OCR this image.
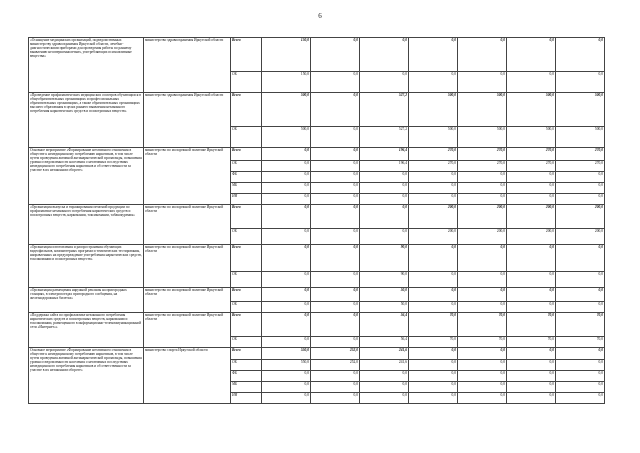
6
«Оснащение медицинских организаций, подведомственных министерству здравоохранения Иркутской области, лечебно-диагностическими приборами для проведения работы по раннему выявлению несовершеннолетних, употребляющих психоактивные вещества»	министерство здравоохранения Иркутской области	Всего	150,0	0,0	0,0	0,0	0,0	0,0	0,0
		ОБ	150,0	0,0	0,0	0,0	0,0	0,0	0,0
«Проведение профилактических медицинских осмотров обучающихся в общеобразовательных организациях и профессиональных образовательных организациях, а также образовательных организациях высшего образования в целях раннего выявления незаконного потребления наркотических средств и психотропных веществ»	министерство здравоохранения Иркутской области	Всего	500,0	0,0	527,2	500,0	500,0	500,0	500,0
		ОБ	500,0	0,0	527,2	500,0	500,0	500,0	500,0
Основное мероприятие «Формирование негативного отношения в обществе к немедицинскому потреблению наркотиков, в том числе путем проведения активной антинаркотической пропаганды, повышения уровня осведомленности населения о негативных последствиях немедицинского потребления наркотиков и об ответственности за участие в их незаконном обороте»	министерство по молодежной политике Иркутской области	Всего	0,0	0,0	196,4	270,0	270,0	270,0	270,0
		ОБ	0,0	0,0	196,4	270,0	270,0	270,0	270,0
		ФБ	0,0	0,0	0,0	0,0	0,0	0,0	0,0
		МБ	0,0	0,0	0,0	0,0	0,0	0,0	0,0
		ИИ	0,0	0,0	0,0	0,0	0,0	0,0	0,0
«Организация выпуска и тиражирования печатной продукции по профилактике незаконного потребления наркотических средств и психотропных веществ, наркомании, токсикомании, табакокурения»	министерство по молодежной политике Иркутской области	Всего	0,0	0,0	0,0	200,0	200,0	200,0	200,0
		ОБ	0,0	0,0	0,0	200,0	200,0	200,0	200,0
«Организация изготовления и распространения обучающих видеофильмов, компьютерных программ и тематических тестирования, направленных на предупреждение употребления наркотических средств, токсикомании и психотропных веществ»	министерство по молодежной политике Иркутской области	Всего	0,0	0,0	90,0	0,0	0,0	0,0	0,0
		ОБ	0,0	0,0	90,0	0,0	0,0	0,0	0,0
«Организация размещения наружной рекламы на пригородных станциях, в электропоездах пригородного сообщения, на железнодорожных билетах»	министерство по молодежной политике Иркутской области	Всего	0,0	0,0	50,0	0,0	0,0	0,0	0,0
		ОБ	0,0	0,0	50,0	0,0	0,0	0,0	0,0
«Поддержка сайта по профилактике незаконного потребления наркотических средств и психотропных веществ, наркомании и токсикомании, размещенного в информационно-телекоммуникационной сети «Интернет»»	министерство по молодежной политике Иркутской области	Всего	0,0	0,0	56,4	70,0	70,0	70,0	70,0
		ОБ	0,0	0,0	56,4	70,0	70,0	70,0	70,0
Основное мероприятие «Формирование негативного отношения в обществе к немедицинскому потреблению наркотиков, в том числе путем проведения активной антинаркотической пропаганды, повышения уровня осведомленности населения о негативных последствиях немедицинского потребления наркотиков и об ответственности за участие в их незаконном обороте»	министерство спорта Иркутской области	Всего	550,0	252,0	241,6	0,0	0,0	0,0	0,0
		ОБ	550,0	252,0	241,6	0,0	0,0	0,0	0,0
		ФБ	0,0	0,0	0,0	0,0	0,0	0,0	0,0
		МБ	0,0	0,0	0,0	0,0	0,0	0,0	0,0
		ИИ	0,0	0,0	0,0	0,0	0,0	0,0	0,0
